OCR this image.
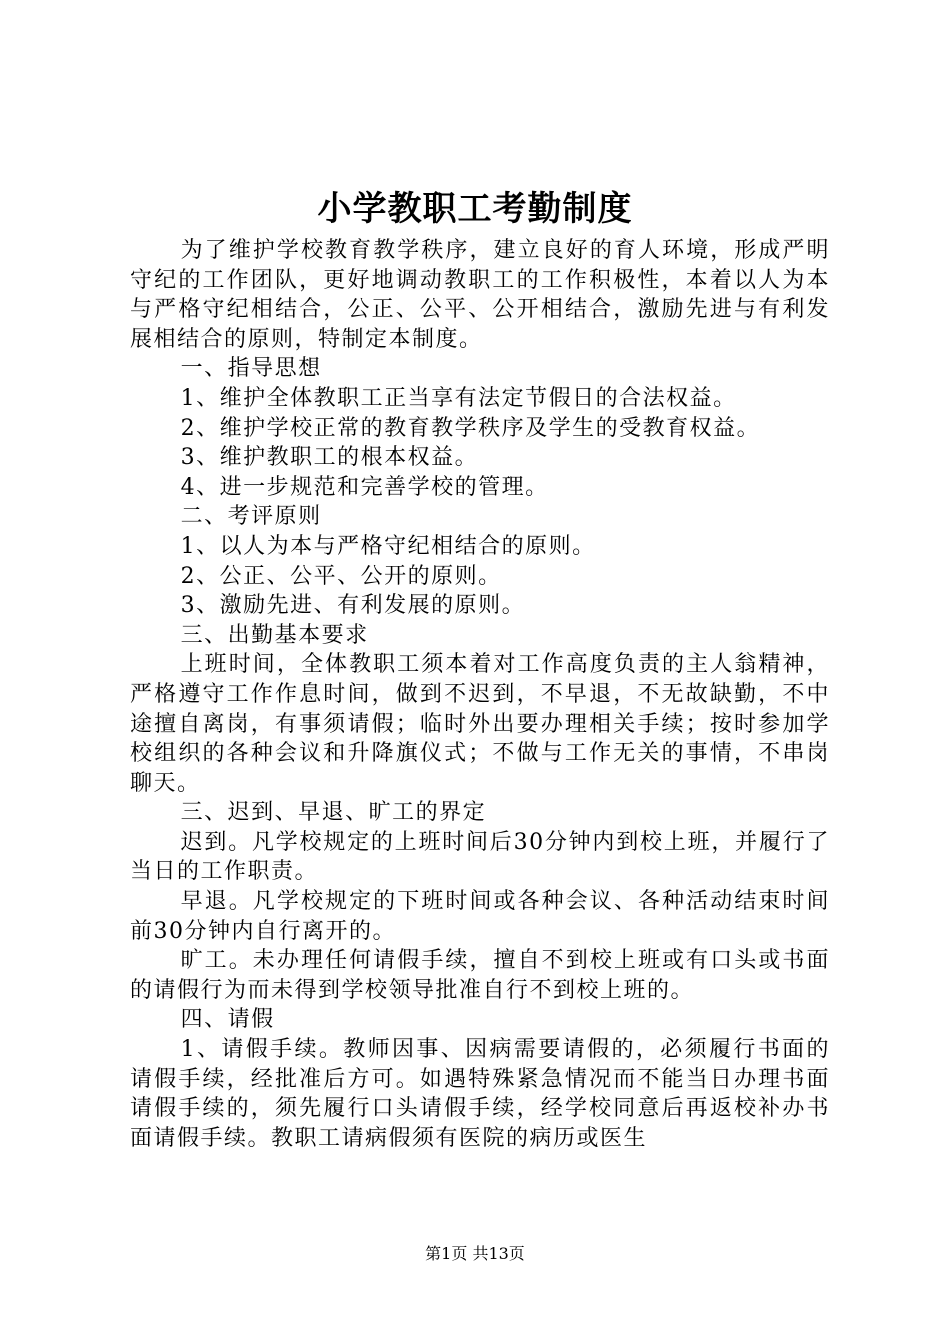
小学教职工考勤制度

为了维护学校教育教学秩序，建立良好的育人环境，形成严明守纪的工作团队，更好地调动教职工的工作积极性，本着以人为本与严格守纪相结合，公正、公平、公开相结合，激励先进与有利发展相结合的原则，特制定本制度。

一、指导思想

1、维护全体教职工正当享有法定节假日的合法权益。

2、维护学校正常的教育教学秩序及学生的受教育权益。

3、维护教职工的根本权益。

4、进一步规范和完善学校的管理。

二、考评原则

1、以人为本与严格守纪相结合的原则。

2、公正、公平、公开的原则。

3、激励先进、有利发展的原则。

三、出勤基本要求

上班时间，全体教职工须本着对工作高度负责的主人翁精神，严格遵守工作作息时间，做到不迟到，不早退，不无故缺勤，不中途擅自离岗，有事须请假；临时外出要办理相关手续；按时参加学校组织的各种会议和升降旗仪式；不做与工作无关的事情，不串岗聊天。

三、迟到、早退、旷工的界定

迟到。凡学校规定的上班时间后30分钟内到校上班，并履行了当日的工作职责。

早退。凡学校规定的下班时间或各种会议、各种活动结束时间前30分钟内自行离开的。

旷工。未办理任何请假手续，擅自不到校上班或有口头或书面的请假行为而未得到学校领导批准自行不到校上班的。

四、请假

1、请假手续。教师因事、因病需要请假的，必须履行书面的请假手续，经批准后方可。如遇特殊紧急情况而不能当日办理书面请假手续的，须先履行口头请假手续，经学校同意后再返校补办书面请假手续。教职工请病假须有医院的病历或医生

第1页 共13页
